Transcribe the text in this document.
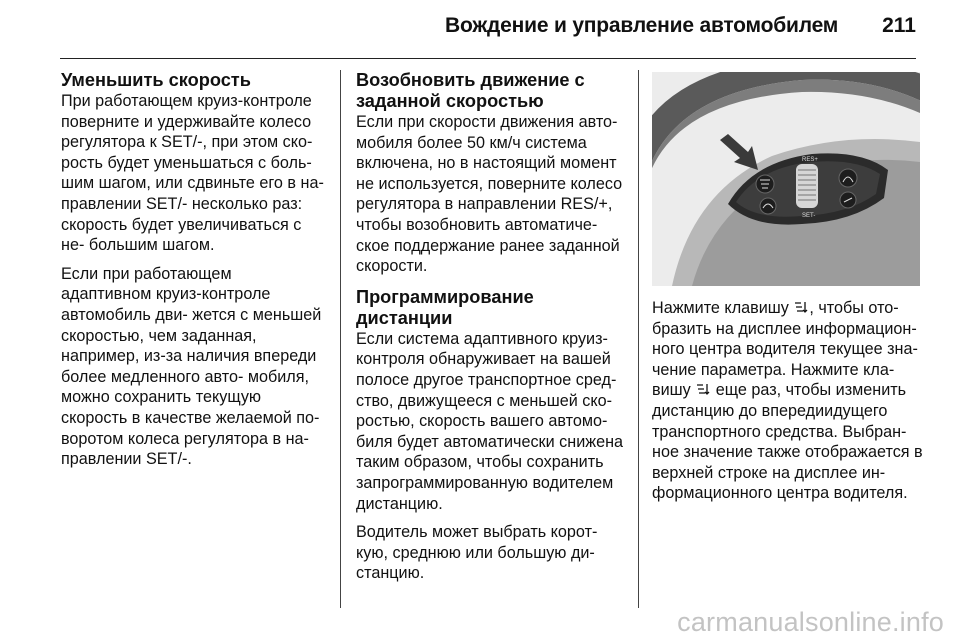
Вождение и управление автомобилем 211
Уменьшить скорость

При работающем круиз-контроле поверните и удерживайте колесо регулятора к SET/-, при этом ско- рость будет уменьшаться с боль- шим шагом, или сдвиньте его в на- правлении SET/- несколько раз: скорость будет увеличиваться с не- большим шагом.

Если при работающем адаптивном круиз-контроле автомобиль дви- жется с меньшей скоростью, чем заданная, например, из-за наличия впереди более медленного авто- мобиля, можно сохранить текущую скорость в качестве желаемой по- воротом колеса регулятора в на- правлении SET/-.

Возобновить движение с заданной скоростью

Если при скорости движения авто- мобиля более 50 км/ч система включена, но в настоящий момент не используется, поверните колесо регулятора в направлении RES/+, чтобы возобновить автоматиче- ское поддержание ранее заданной скорости.

Программирование дистанции

Если система адаптивного круиз- контроля обнаруживает на вашей полосе другое транспортное сред- ство, движущееся с меньшей ско- ростью, скорость вашего автомо- биля будет автоматически снижена таким образом, чтобы сохранить запрограммированную водителем дистанцию.

Водитель может выбрать корот- кую, среднюю или большую ди- станцию.

RES+
SET-

Нажмите клавишу , чтобы ото- бразить на дисплее информацион- ного центра водителя текущее зна- чение параметра. Нажмите кла- вишу еще раз, чтобы изменить дистанцию до впередиидущего транспортного средства. Выбран- ное значение также отображается в верхней строке на дисплее ин- формационного центра водителя.

carmanualsonline.info
